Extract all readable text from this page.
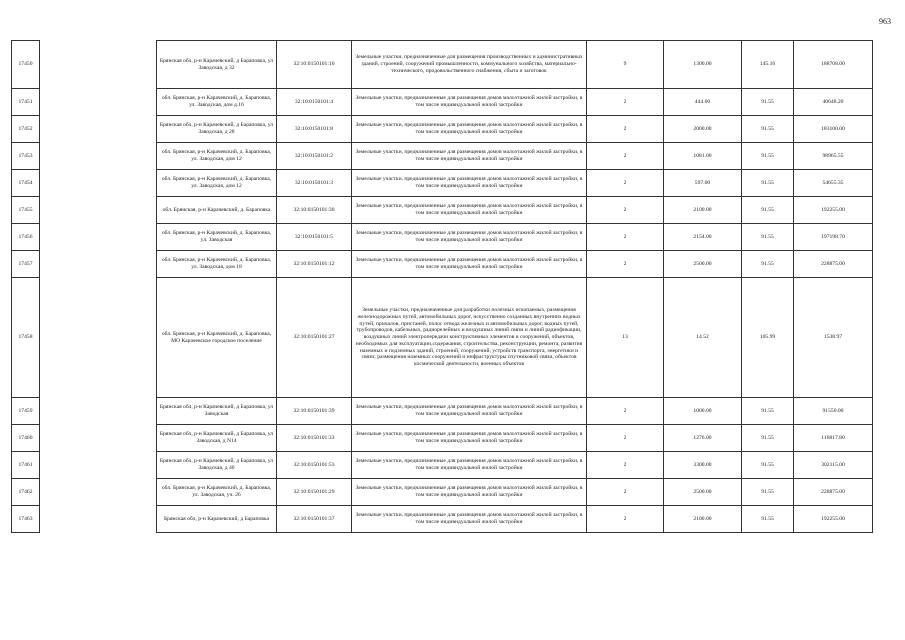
963
17450		Брянская обл, р-н Карачевский, д Бараповка, ул Заводская, д 32	32:10:0150101:10	Земельные участки, предназначенные для размещения производственных и административных зданий, строений, сооружений промышленности, коммунального хозяйства, материально-технического, продовольственного снабжения, сбыта и заготовок	9	1300.00	145.16	188708.00
17451		обл. Брянская, р-н Карачевский, д. Бараповка, ул. Заводская, дом д.16	32:10:0150101:4	Земельные участки, предназначенные для размещения домов малоэтажной жилой застройки, в том числе индивидуальной жилой застройки	2	444.00	91.55	40648.20
17452		Брянская обл, р-н Карачевский, д Бараповка, ул Заводская, д 28	32:10:0150101:8	Земельные участки, предназначенные для размещения домов малоэтажной жилой застройки, в том числе индивидуальной жилой застройки	2	2000.00	91.55	183100.00
17453		обл. Брянская, р-н Карачевский, д. Бараповка, ул. Заводская, дом 12	32:10:0150101:2	Земельные участки, предназначенные для размещения домов малоэтажной жилой застройки, в том числе индивидуальной жилой застройки	2	1081.00	91.55	98965.55
17454		обл. Брянская, р-н Карачевский, д. Бараповка, ул. Заводская, дом 12	32:10:0150101:3	Земельные участки, предназначенные для размещения домов малоэтажной жилой застройки, в том числе индивидуальной жилой застройки	2	597.00	91.55	54655.35
17455		обл. Брянская, р-н Карачевский, д. Бараповка	32:10:0150101:30	Земельные участки, предназначенные для размещения домов малоэтажной жилой застройки, в том числе индивидуальной жилой застройки	2	2100.00	91.55	192255.00
17456		обл. Брянская, р-н Карачевский, д. Бараповка, ул. Заводская	32:10:0150101:5	Земельные участки, предназначенные для размещения домов малоэтажной жилой застройки, в том числе индивидуальной жилой застройки	2	2154.00	91.55	197198.70
17457		обл. Брянская, р-н Карачевский, д. Бараповка, ул. Заводская, дом 18	32:10:0150101:12	Земельные участки, предназначенные для размещения домов малоэтажной жилой застройки, в том числе индивидуальной жилой застройки	2	2500.00	91.55	228875.00
17458		обл. Брянская, р-н Карачевский, д. Бараповка, МО Карачевское городское поселение	32:10:0150101:27	Земельные участки, предназначенные для разработки полезных ископаемых, размещения железнодорожных путей, автомобильных дорог, искусственно созданных внутренних водных путей, причалов, пристаней, полос отвода железных и автомобильных дорог, водных путей, трубопроводов, кабельных, радиорелейных и воздушных линий связи и линий радиофикации, воздушных линий электропередачи конструктивных элементов и сооружений, объектов, необходимых для эксплуатации,содержания, строительства, реконструкции, ремонта, развития наземных и подземных зданий, строений, сооружений, устройств транспорта, энергетики и связи; размещения наземных сооружений и инфраструктуры спутниковой связи, объектов космической деятельности, военных объектов	13	14.52	105.99	1538.97
17459		Брянская обл, р-н Карачевский, д Бараповка, ул Заводская	32:10:0150101:39	Земельные участки, предназначенные для размещения домов малоэтажной жилой застройки, в том числе индивидуальной жилой застройки	2	1000.00	91.55	91550.00
17460		Брянская обл, р-н Карачевский, д Бараповка, ул Заводская, д N14	32:10:0150101:33	Земельные участки, предназначенные для размещения домов малоэтажной жилой застройки, в том числе индивидуальной жилой застройки	2	1276.00	91.55	116817.80
17461		Брянская обл, р-н Карачевский, д Бараповка, ул Заводская, д 40	32:10:0150101:53	Земельные участки, предназначенные для размещения домов малоэтажной жилой застройки, в том числе индивидуальной жилой застройки	2	3300.00	91.55	302115.00
17462		обл. Брянская, р-н Карачевский, д. Бараповка, ул. Заводская, уч. 26	32:10:0150101:29	Земельные участки, предназначенные для размещения домов малоэтажной жилой застройки, в том числе индивидуальной жилой застройки	2	2500.00	91.55	228875.00
17463		Брянская обл, р-н Карачевский, д Бараповка	32:10:0150101:37	Земельные участки, предназначенные для размещения домов малоэтажной жилой застройки, в том числе индивидуальной жилой застройки	2	2100.00	91.55	192255.00
